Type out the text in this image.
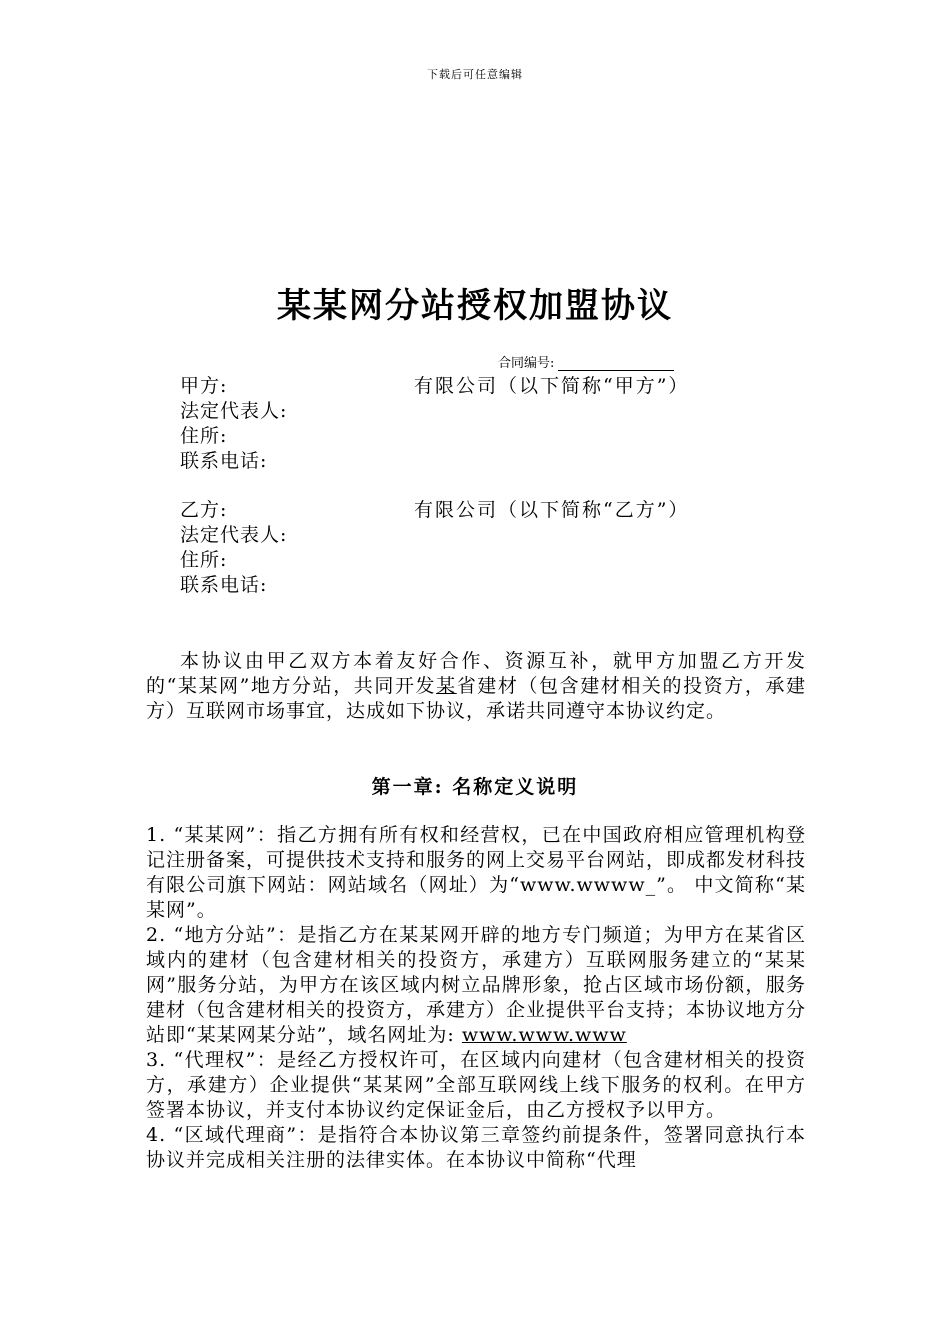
下载后可任意编辑
某某网分站授权加盟协议
合同编号:
甲方:	有限公司（以下简称“甲方”）
法定代表人:
住所:
联系电话:
乙方:	有限公司（以下简称“乙方”）
法定代表人:
住所:
联系电话:
本协议由甲乙双方本着友好合作、资源互补，就甲方加盟乙方开发的“某某网”地方分站，共同开发某省建材（包含建材相关的投资方，承建方）互联网市场事宜，达成如下协议，承诺共同遵守本协议约定。
第一章: 名称定义说明

1. “某某网”：指乙方拥有所有权和经营权，已在中国政府相应管理机构登记注册备案，可提供技术支持和服务的网上交易平台网站，即成都发材科技有限公司旗下网站：网站域名（网址）为“www.wwww_”。 中文简称“某某网”。

2. “地方分站”：是指乙方在某某网开辟的地方专门频道；为甲方在某省区域内的建材（包含建材相关的投资方，承建方）互联网服务建立的“某某网”服务分站，为甲方在该区域内树立品牌形象，抢占区域市场份额，服务建材（包含建材相关的投资方，承建方）企业提供平台支持；本协议地方分站即“某某网某分站”，域名网址为: www.www.www

3. “代理权”：是经乙方授权许可，在区域内向建材（包含建材相关的投资方，承建方）企业提供“某某网”全部互联网线上线下服务的权利。在甲方签署本协议，并支付本协议约定保证金后，由乙方授权予以甲方。

4. “区域代理商”：是指符合本协议第三章签约前提条件，签署同意执行本协议并完成相关注册的法律实体。在本协议中简称“代理
